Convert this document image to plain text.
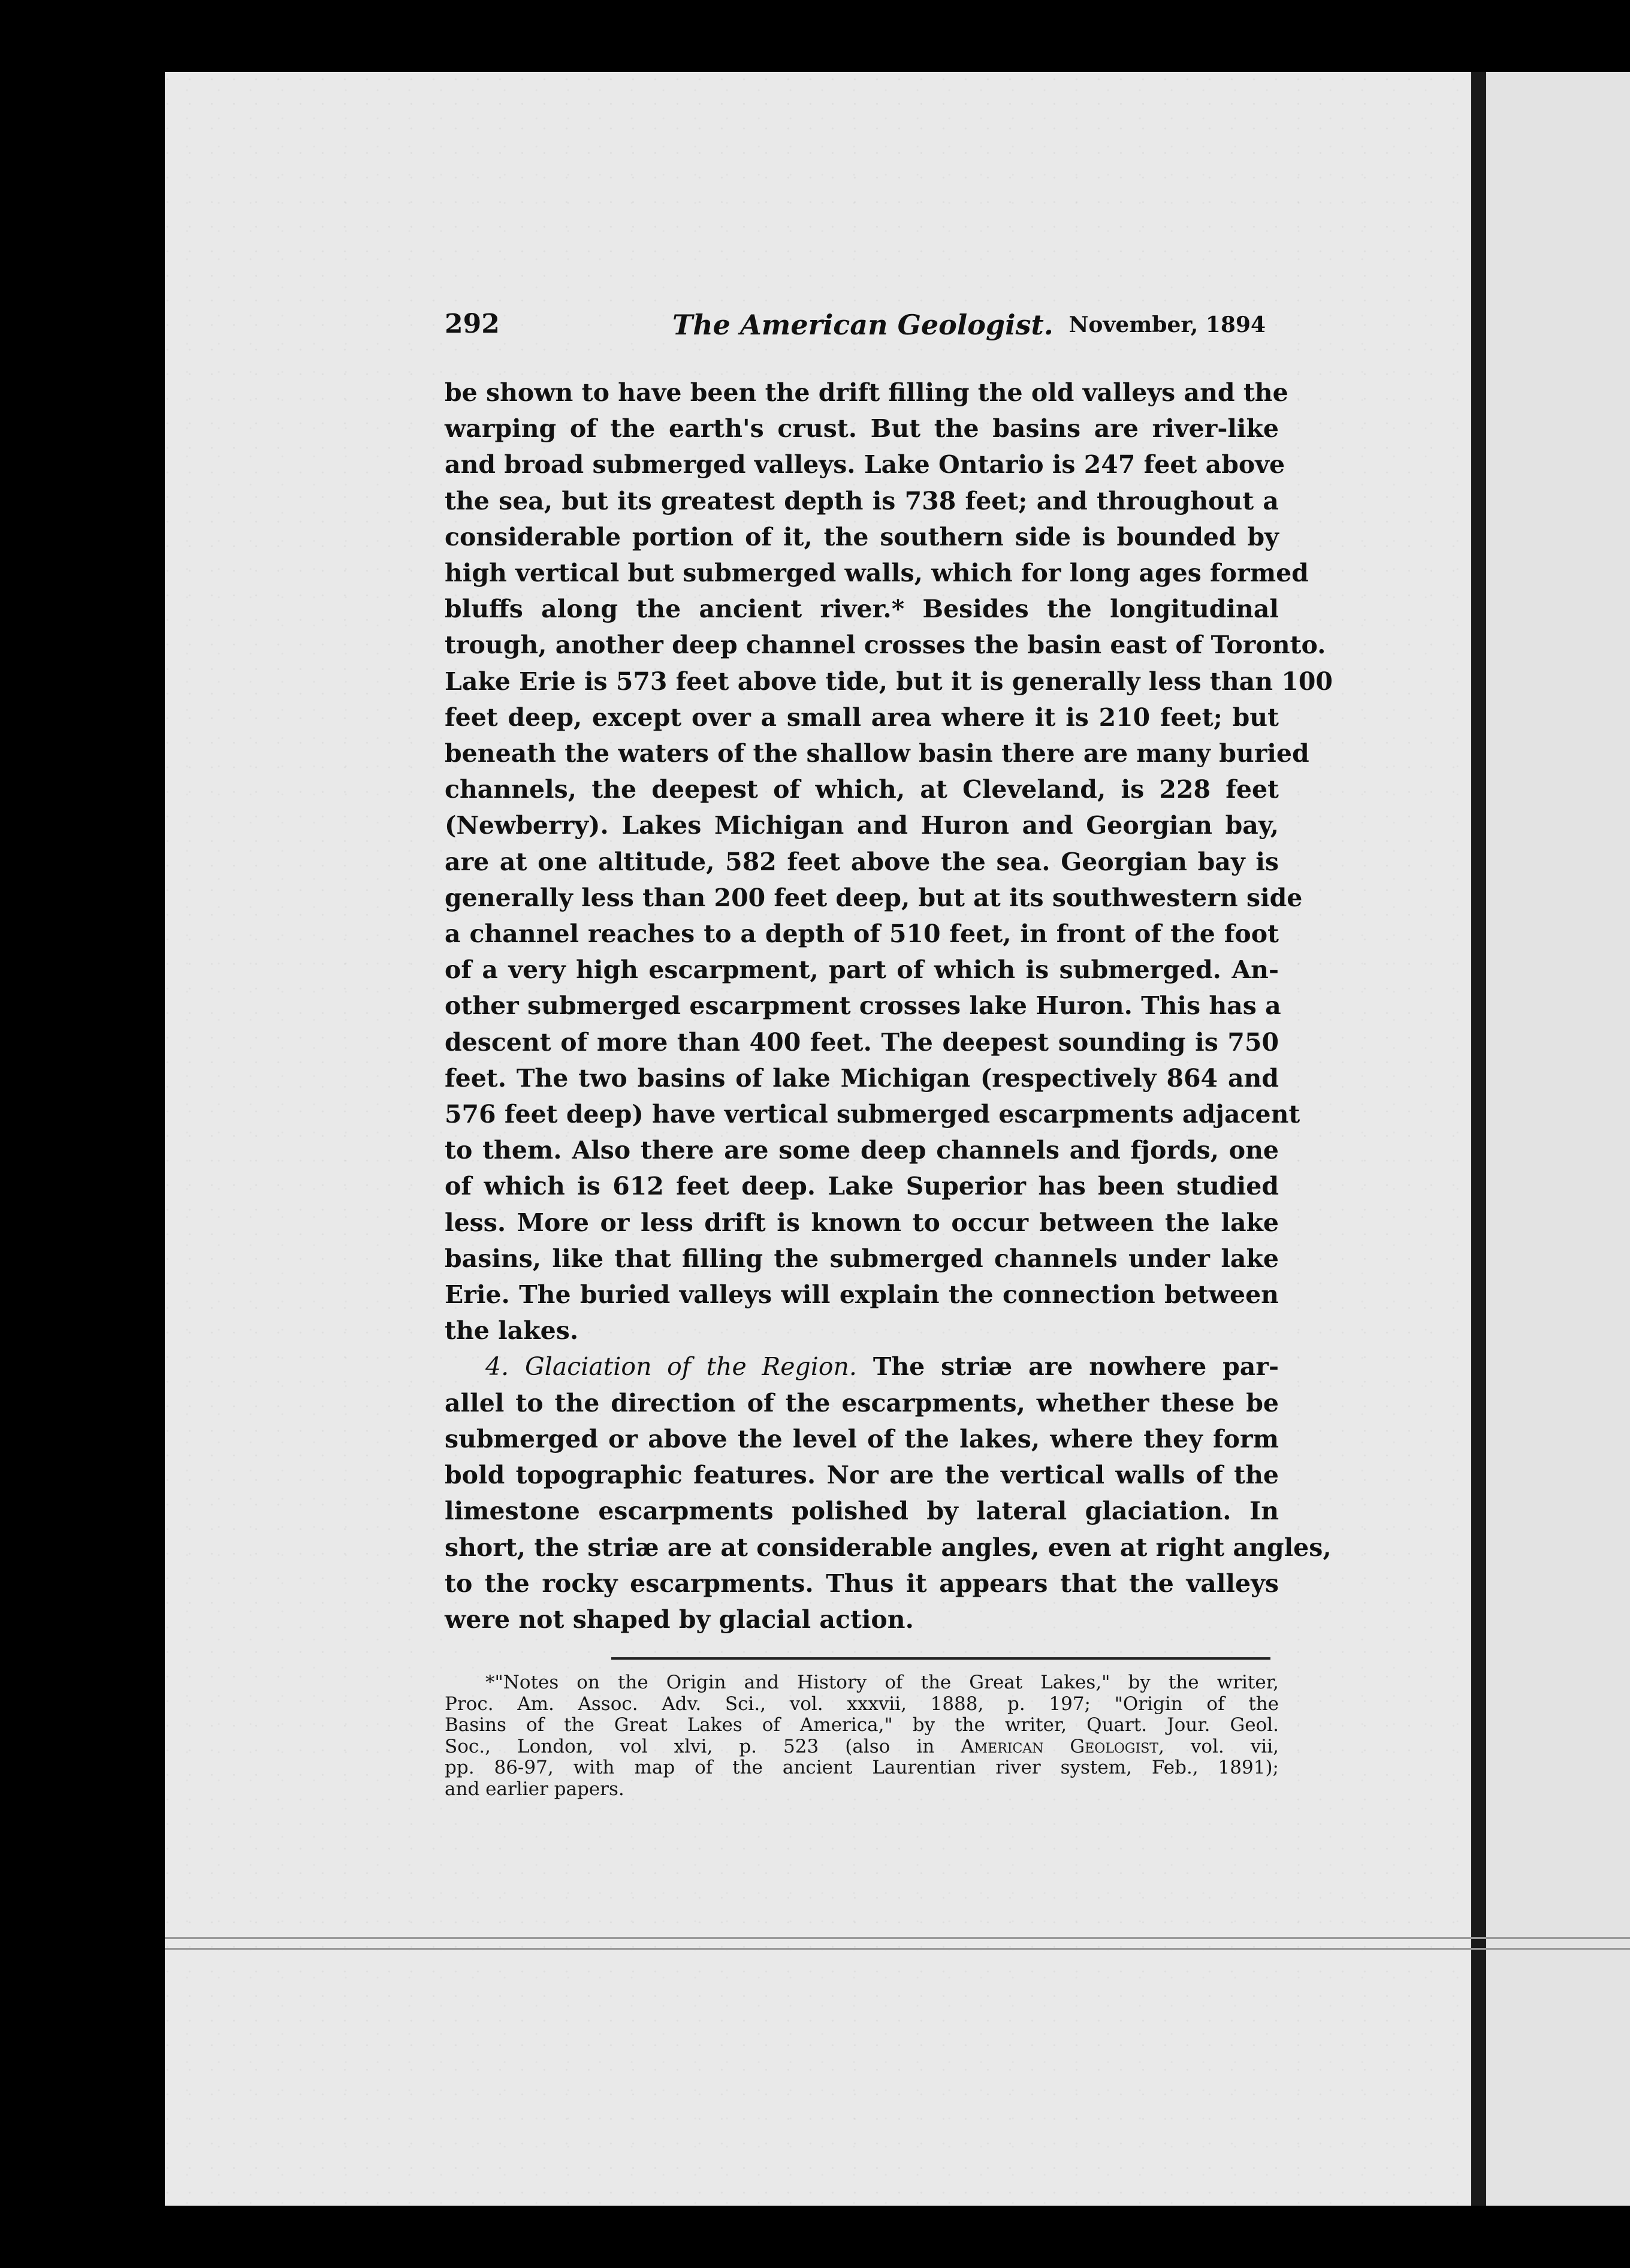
292	The American Geologist. November, 1894
be shown to have been the drift filling the old valleys and the
warping of the earth's crust. But the basins are river-like
and broad submerged valleys. Lake Ontario is 247 feet above
the sea, but its greatest depth is 738 feet; and throughout a
considerable portion of it, the southern side is bounded by
high vertical but submerged walls, which for long ages formed
bluffs along the ancient river.* Besides the longitudinal
trough, another deep channel crosses the basin east of Toronto.
Lake Erie is 573 feet above tide, but it is generally less than 100
feet deep, except over a small area where it is 210 feet; but
beneath the waters of the shallow basin there are many buried
channels, the deepest of which, at Cleveland, is 228 feet
(Newberry). Lakes Michigan and Huron and Georgian bay,
are at one altitude, 582 feet above the sea. Georgian bay is
generally less than 200 feet deep, but at its southwestern side
a channel reaches to a depth of 510 feet, in front of the foot
of a very high escarpment, part of which is submerged. An-
other submerged escarpment crosses lake Huron. This has a
descent of more than 400 feet. The deepest sounding is 750
feet. The two basins of lake Michigan (respectively 864 and
576 feet deep) have vertical submerged escarpments adjacent
to them. Also there are some deep channels and fjords, one
of which is 612 feet deep. Lake Superior has been studied
less. More or less drift is known to occur between the lake
basins, like that filling the submerged channels under lake
Erie. The buried valleys will explain the connection between
the lakes.
4. Glaciation of the Region. The striæ are nowhere par-
allel to the direction of the escarpments, whether these be
submerged or above the level of the lakes, where they form
bold topographic features. Nor are the vertical walls of the
limestone escarpments polished by lateral glaciation. In
short, the striæ are at considerable angles, even at right angles,
to the rocky escarpments. Thus it appears that the valleys
were not shaped by glacial action.
*"Notes on the Origin and History of the Great Lakes," by the writer,
Proc. Am. Assoc. Adv. Sci., vol. xxxvii, 1888, p. 197; "Origin of the
Basins of the Great Lakes of America," by the writer, Quart. Jour. Geol.
Soc., London, vol xlvi, p. 523 (also in American Geologist, vol. vii,
pp. 86-97, with map of the ancient Laurentian river system, Feb., 1891);
and earlier papers.
